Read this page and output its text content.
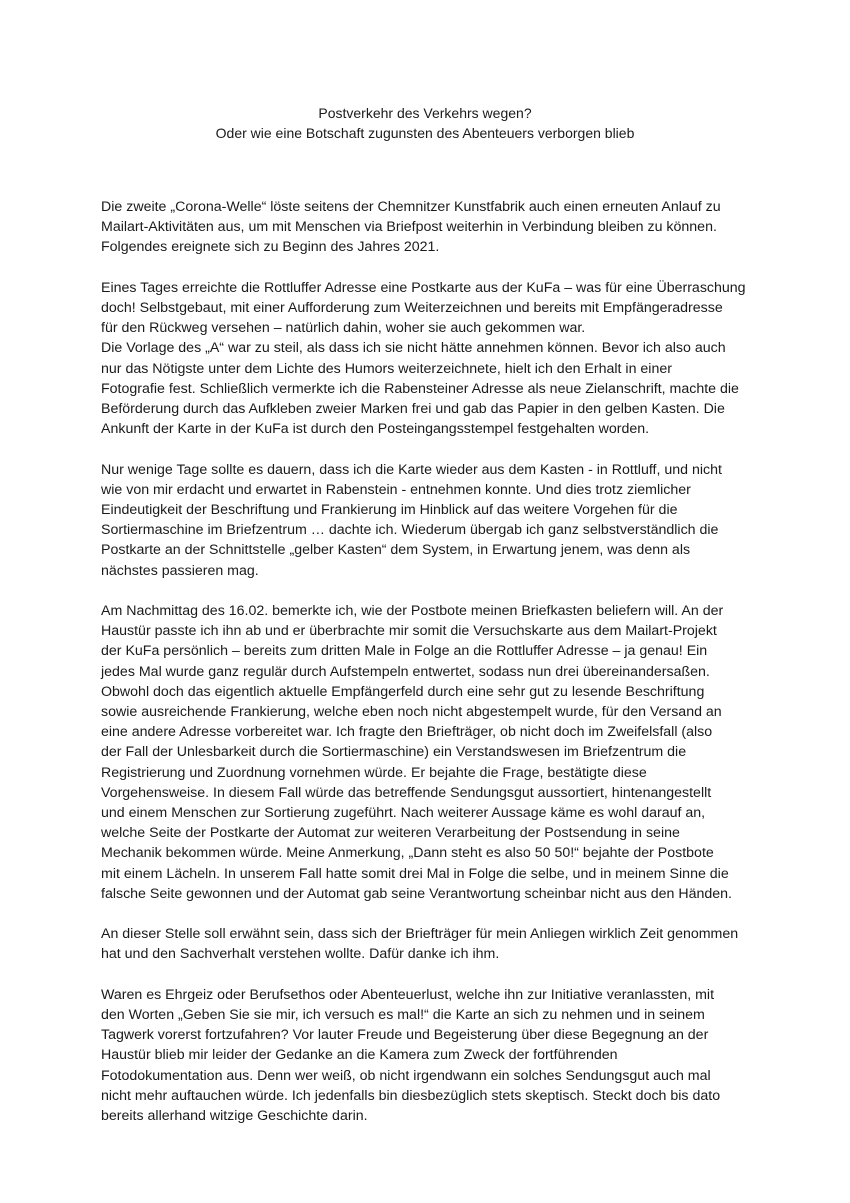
Postverkehr des Verkehrs wegen?
Oder wie eine Botschaft zugunsten des Abenteuers verborgen blieb
Die zweite „Corona-Welle“ löste seitens der Chemnitzer Kunstfabrik auch einen erneuten Anlauf zu
Mailart-Aktivitäten aus, um mit Menschen via Briefpost weiterhin in Verbindung bleiben zu können.
Folgendes ereignete sich zu Beginn des Jahres 2021.
Eines Tages erreichte die Rottluffer Adresse eine Postkarte aus der KuFa – was für eine Überraschung
doch! Selbstgebaut, mit einer Aufforderung zum Weiterzeichnen und bereits mit Empfängeradresse
für den Rückweg versehen – natürlich dahin, woher sie auch gekommen war.
Die Vorlage des „A“ war zu steil, als dass ich sie nicht hätte annehmen können. Bevor ich also auch
nur das Nötigste unter dem Lichte des Humors weiterzeichnete, hielt ich den Erhalt in einer
Fotografie fest. Schließlich vermerkte ich die Rabensteiner Adresse als neue Zielanschrift, machte die
Beförderung durch das Aufkleben zweier Marken frei und gab das Papier in den gelben Kasten. Die
Ankunft der Karte in der KuFa ist durch den Posteingangsstempel festgehalten worden.
Nur wenige Tage sollte es dauern, dass ich die Karte wieder aus dem Kasten - in Rottluff, und nicht
wie von mir erdacht und erwartet in Rabenstein - entnehmen konnte. Und dies trotz ziemlicher
Eindeutigkeit der Beschriftung und Frankierung im Hinblick auf das weitere Vorgehen für die
Sortiermaschine im Briefzentrum … dachte ich. Wiederum übergab ich ganz selbstverständlich die
Postkarte an der Schnittstelle „gelber Kasten“ dem System, in Erwartung jenem, was denn als
nächstes passieren mag.
Am Nachmittag des 16.02. bemerkte ich, wie der Postbote meinen Briefkasten beliefern will. An der
Haustür passte ich ihn ab und er überbrachte mir somit die Versuchskarte aus dem Mailart-Projekt
der KuFa persönlich – bereits zum dritten Male in Folge an die Rottluffer Adresse – ja genau! Ein
jedes Mal wurde ganz regulär durch Aufstempeln entwertet, sodass nun drei übereinandersaßen.
Obwohl doch das eigentlich aktuelle Empfängerfeld durch eine sehr gut zu lesende Beschriftung
sowie ausreichende Frankierung, welche eben noch nicht abgestempelt wurde, für den Versand an
eine andere Adresse vorbereitet war. Ich fragte den Briefträger, ob nicht doch im Zweifelsfall (also
der Fall der Unlesbarkeit durch die Sortiermaschine) ein Verstandswesen im Briefzentrum die
Registrierung und Zuordnung vornehmen würde. Er bejahte die Frage, bestätigte diese
Vorgehensweise. In diesem Fall würde das betreffende Sendungsgut aussortiert, hintenangestellt
und einem Menschen zur Sortierung zugeführt. Nach weiterer Aussage käme es wohl darauf an,
welche Seite der Postkarte der Automat zur weiteren Verarbeitung der Postsendung in seine
Mechanik bekommen würde. Meine Anmerkung, „Dann steht es also 50 50!“ bejahte der Postbote
mit einem Lächeln. In unserem Fall hatte somit drei Mal in Folge die selbe, und in meinem Sinne die
falsche Seite gewonnen und der Automat gab seine Verantwortung scheinbar nicht aus den Händen.
An dieser Stelle soll erwähnt sein, dass sich der Briefträger für mein Anliegen wirklich Zeit genommen
hat und den Sachverhalt verstehen wollte. Dafür danke ich ihm.
Waren es Ehrgeiz oder Berufsethos oder Abenteuerlust, welche ihn zur Initiative veranlassten, mit
den Worten „Geben Sie sie mir, ich versuch es mal!“ die Karte an sich zu nehmen und in seinem
Tagwerk vorerst fortzufahren? Vor lauter Freude und Begeisterung über diese Begegnung an der
Haustür blieb mir leider der Gedanke an die Kamera zum Zweck der fortführenden
Fotodokumentation aus. Denn wer weiß, ob nicht irgendwann ein solches Sendungsgut auch mal
nicht mehr auftauchen würde. Ich jedenfalls bin diesbezüglich stets skeptisch. Steckt doch bis dato
bereits allerhand witzige Geschichte darin.
